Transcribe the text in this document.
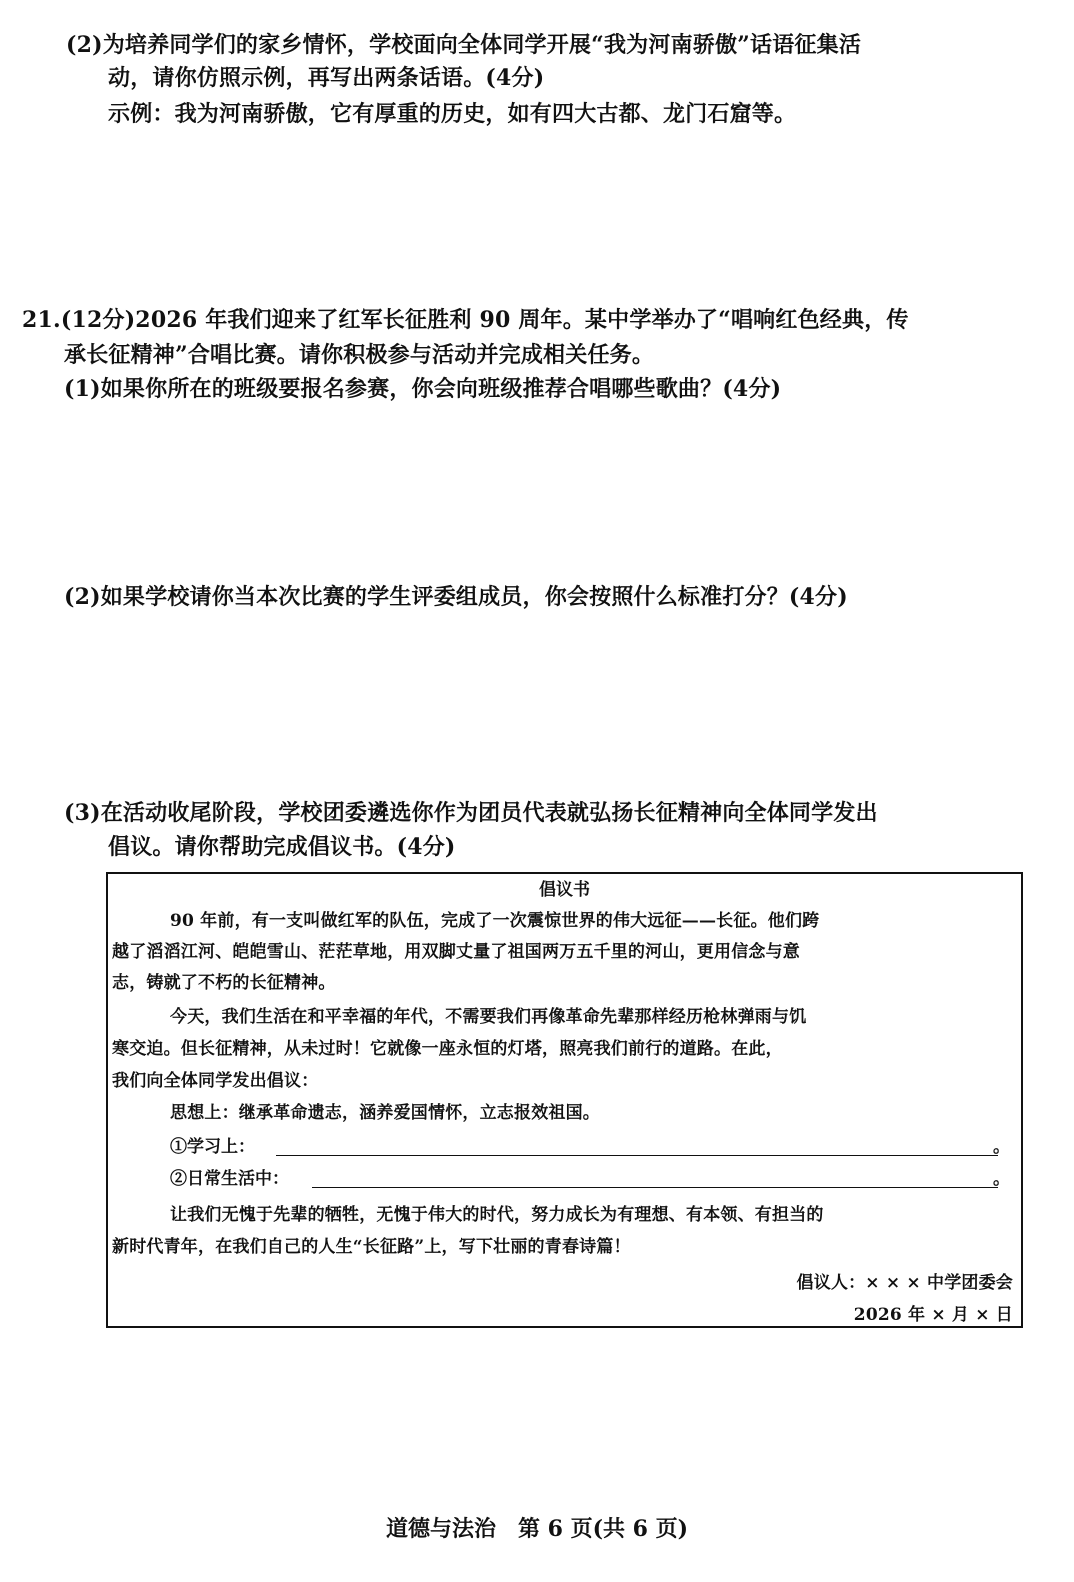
(2)为培养同学们的家乡情怀，学校面向全体同学开展“我为河南骄傲”话语征集活
动，请你仿照示例，再写出两条话语。(4分)
示例：我为河南骄傲，它有厚重的历史，如有四大古都、龙门石窟等。
21.(12分)2026 年我们迎来了红军长征胜利 90 周年。某中学举办了“唱响红色经典，传
承长征精神”合唱比赛。请你积极参与活动并完成相关任务。
(1)如果你所在的班级要报名参赛，你会向班级推荐合唱哪些歌曲？(4分)
(2)如果学校请你当本次比赛的学生评委组成员，你会按照什么标准打分？(4分)
(3)在活动收尾阶段，学校团委遴选你作为团员代表就弘扬长征精神向全体同学发出
倡议。请你帮助完成倡议书。(4分)
倡议书
90 年前，有一支叫做红军的队伍，完成了一次震惊世界的伟大远征——长征。他们跨
越了滔滔江河、皑皑雪山、茫茫草地，用双脚丈量了祖国两万五千里的河山，更用信念与意
志，铸就了不朽的长征精神。
今天，我们生活在和平幸福的年代，不需要我们再像革命先辈那样经历枪林弹雨与饥
寒交迫。但长征精神，从未过时！它就像一座永恒的灯塔，照亮我们前行的道路。在此，
我们向全体同学发出倡议：
思想上：继承革命遗志，涵养爱国情怀，立志报效祖国。
①学习上：	。
②日常生活中：	。
让我们无愧于先辈的牺牲，无愧于伟大的时代，努力成长为有理想、有本领、有担当的
新时代青年，在我们自己的人生“长征路”上，写下壮丽的青春诗篇！
倡议人：× × × 中学团委会
2026 年 × 月 × 日
道德与法治　第 6 页(共 6 页)
